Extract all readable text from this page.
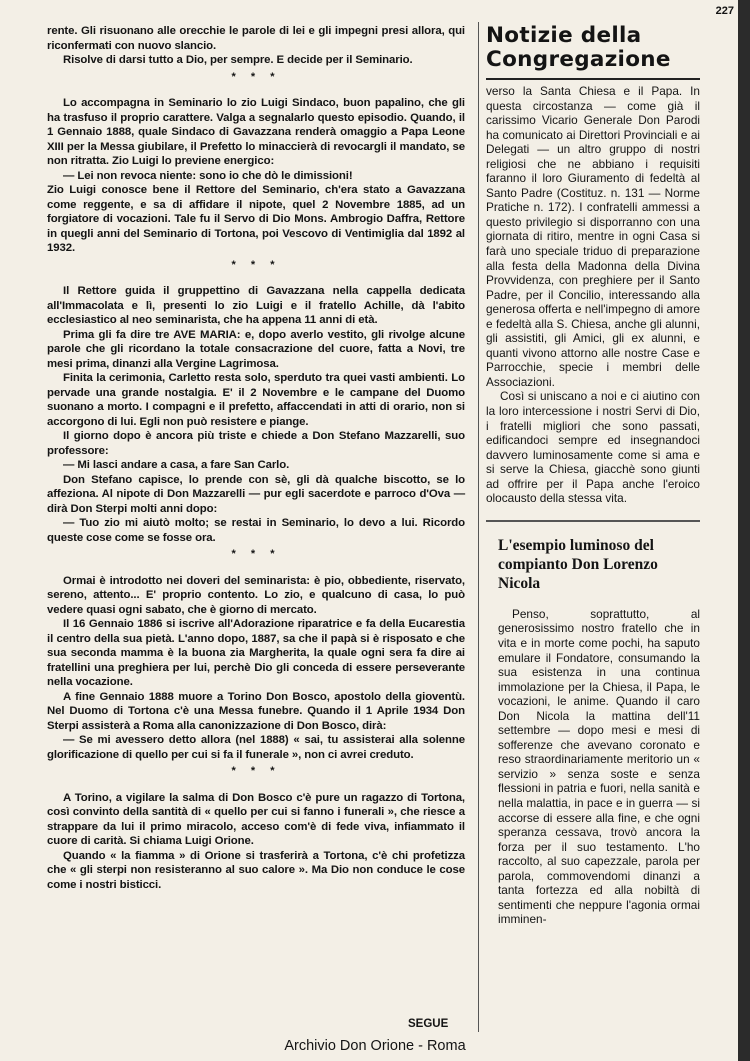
227

rente. Gli risuonano alle orecchie le parole di lei e gli impegni presi allora, qui riconfermati con nuovo slancio.

Risolve di darsi tutto a Dio, per sempre. E decide per il Seminario.

* * *

Lo accompagna in Seminario lo zio Luigi Sindaco, buon papalino, che gli ha trasfuso il proprio carattere. Valga a segnalarlo questo episodio. Quando, il 1 Gennaio 1888, quale Sindaco di Gavazzana renderà omaggio a Papa Leone XIII per la Messa giubilare, il Prefetto lo minaccierà di revocargli il mandato, se non ritratta. Zio Luigi lo previene energico:

— Lei non revoca niente: sono io che dò le dimissioni!

Zio Luigi conosce bene il Rettore del Seminario, ch'era stato a Gavazzana come reggente, e sa di affidare il nipote, quel 2 Novembre 1885, ad un forgiatore di vocazioni. Tale fu il Servo di Dio Mons. Ambrogio Daffra, Rettore in quegli anni del Seminario di Tortona, poi Vescovo di Ventimiglia dal 1892 al 1932.

* * *

Il Rettore guida il gruppettino di Gavazzana nella cappella dedicata all'Immacolata e lì, presenti lo zio Luigi e il fratello Achille, dà l'abito ecclesiastico al neo seminarista, che ha appena 11 anni di età.

Prima gli fa dire tre AVE MARIA: e, dopo averlo vestito, gli rivolge alcune parole che gli ricordano la totale consacrazione del cuore, fatta a Novi, tre mesi prima, dinanzi alla Vergine Lagrimosa.

Finita la cerimonia, Carletto resta solo, sperduto tra quei vasti ambienti. Lo pervade una grande nostalgia. E' il 2 Novembre e le campane del Duomo suonano a morto. I compagni e il prefetto, affaccendati in atti di orario, non si accorgono di lui. Egli non può resistere e piange.

Il giorno dopo è ancora più triste e chiede a Don Stefano Mazzarelli, suo professore:

— Mi lasci andare a casa, a fare San Carlo.

Don Stefano capisce, lo prende con sè, gli dà qualche biscotto, se lo affeziona. Al nipote di Don Mazzarelli — pur egli sacerdote e parroco d'Ova — dirà Don Sterpi molti anni dopo:

— Tuo zio mi aiutò molto; se restai in Seminario, lo devo a lui. Ricordo queste cose come se fosse ora.

* * *

Ormai è introdotto nei doveri del seminarista: è pio, obbediente, riservato, sereno, attento... E' proprio contento. Lo zio, e qualcuno di casa, lo può vedere quasi ogni sabato, che è giorno di mercato.

Il 16 Gennaio 1886 si iscrive all'Adorazione riparatrice e fa della Eucarestia il centro della sua pietà. L'anno dopo, 1887, sa che il papà si è risposato e che sua seconda mamma è la buona zia Margherita, la quale ogni sera fa dire ai fratellini una preghiera per lui, perchè Dio gli conceda di essere perseverante nella vocazione.

A fine Gennaio 1888 muore a Torino Don Bosco, apostolo della gioventù. Nel Duomo di Tortona c'è una Messa funebre. Quando il 1 Aprile 1934 Don Sterpi assisterà a Roma alla canonizzazione di Don Bosco, dirà:

— Se mi avessero detto allora (nel 1888) « sai, tu assisterai alla solenne glorificazione di quello per cui si fa il funerale », non ci avrei creduto.

* * *

A Torino, a vigilare la salma di Don Bosco c'è pure un ragazzo di Tortona, così convinto della santità di « quello per cui si fanno i funerali », che riesce a strappare da lui il primo miracolo, acceso com'è di fede viva, infiammato il cuore di carità. Si chiama Luigi Orione.

Quando « la fiamma » di Orione si trasferirà a Tortona, c'è chi profetizza che « gli sterpi non resisteranno al suo calore ». Ma Dio non conduce le cose come i nostri bisticci.

SEGUE
Notizie della Congregazione

verso la Santa Chiesa e il Papa. In questa circostanza — come già il carissimo Vicario Generale Don Parodi ha comunicato ai Direttori Provinciali e ai Delegati — un altro gruppo di nostri religiosi che ne abbiano i requisiti faranno il loro Giuramento di fedeltà al Santo Padre (Costituz. n. 131 — Norme Pratiche n. 172). I confratelli ammessi a questo privilegio si disporranno con una giornata di ritiro, mentre in ogni Casa si farà uno speciale triduo di preparazione alla festa della Madonna della Divina Provvidenza, con preghiere per il Santo Padre, per il Concilio, interessando alla generosa offerta e nell'impegno di amore e fedeltà alla S. Chiesa, anche gli alunni, gli assistiti, gli Amici, gli ex alunni, e quanti vivono attorno alle nostre Case e Parrocchie, specie i membri delle Associazioni.

Così si uniscano a noi e ci aiutino con la loro intercessione i nostri Servi di Dio, i fratelli migliori che sono passati, edificandoci sempre ed insegnandoci davvero luminosamente come si ama e si serve la Chiesa, giacchè sono giunti ad offrire per il Papa anche l'eroico olocausto della stessa vita.

L'esempio luminoso del compianto Don Lorenzo Nicola

Penso, soprattutto, al generosissimo nostro fratello che in vita e in morte come pochi, ha saputo emulare il Fondatore, consumando la sua esistenza in una continua immolazione per la Chiesa, il Papa, le vocazioni, le anime. Quando il caro Don Nicola la mattina dell'11 settembre — dopo mesi e mesi di sofferenze che avevano coronato e reso straordinariamente meritorio un « servizio » senza soste e senza flessioni in patria e fuori, nella sanità e nella malattia, in pace e in guerra — si accorse di essere alla fine, e che ogni speranza cessava, trovò ancora la forza per il suo testamento. L'ho raccolto, al suo capezzale, parola per parola, commovendomi dinanzi a tanta fortezza ed alla nobiltà di sentimenti che neppure l'agonia ormai imminen-

Archivio Don Orione - Roma
